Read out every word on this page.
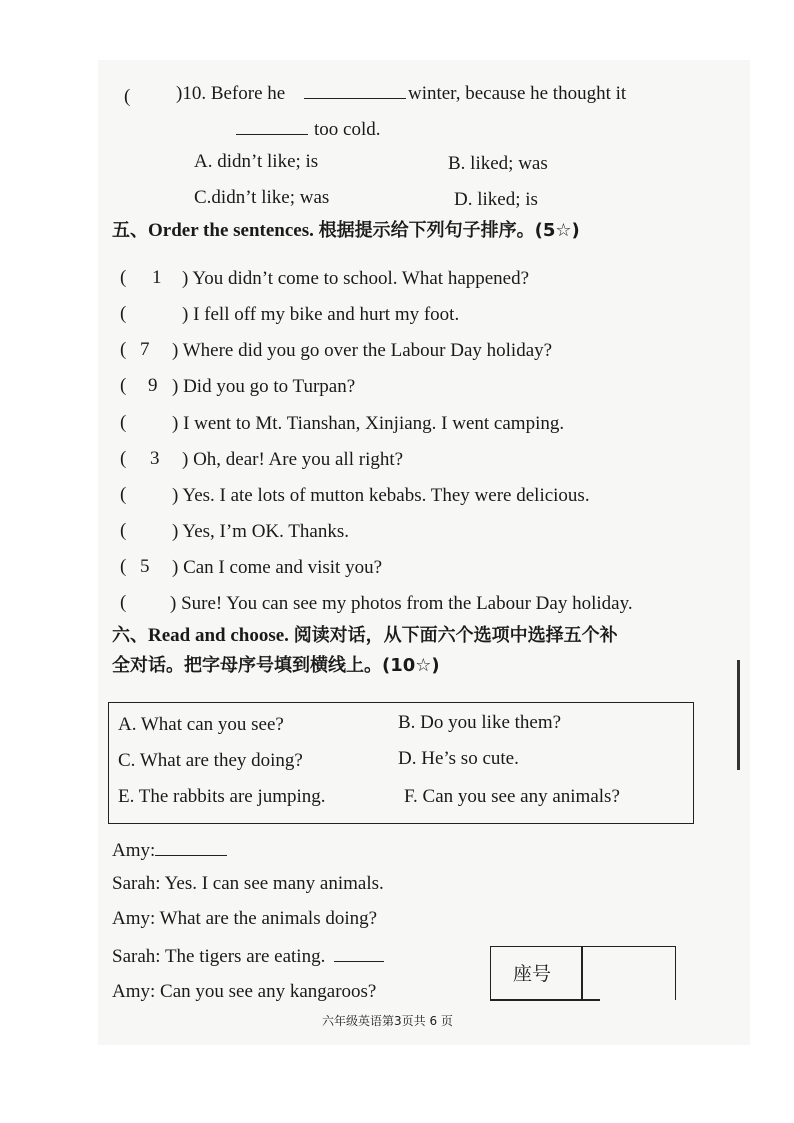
( )10. Before he	winter, because he thought it
too cold.
A. didn’t like; is	B. liked; was
C.didn’t like; was	D. liked; is
五、Order the sentences. 根据提示给下列句子排序。(5☆)
( 1 ) You didn’t come to school. What happened?
(	) I fell off my bike and hurt my foot.
( 7 ) Where did you go over the Labour Day holiday?
( 9 ) Did you go to Turpan?
( ) I went to Mt. Tianshan, Xinjiang. I went camping.
( 3 ) Oh, dear! Are you all right?
( ) Yes. I ate lots of mutton kebabs. They were delicious.
( ) Yes, I’m OK. Thanks.
( 5 ) Can I come and visit you?
( ) Sure! You can see my photos from the Labour Day holiday.
六、Read and choose. 阅读对话，从下面六个选项中选择五个补
全对话。把字母序号填到横线上。(10☆)
A. What can you see?	B. Do you like them?
C. What are they doing?	D. He’s so cute.
E. The rabbits are jumping.	F. Can you see any animals?
Amy:
Sarah: Yes. I can see many animals.
Amy: What are the animals doing?
Sarah: The tigers are eating.
Amy: Can you see any kangaroos?
座号
六年级英语第3页共 6 页
